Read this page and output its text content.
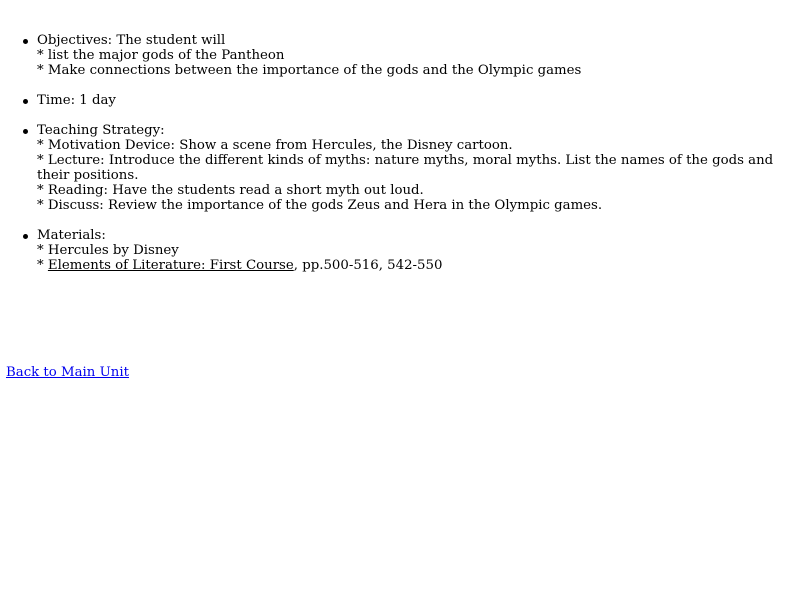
Objectives: The student will
* list the major gods of the Pantheon
* Make connections between the importance of the gods and the Olympic games
Time: 1 day
Teaching Strategy:
* Motivation Device: Show a scene from Hercules, the Disney cartoon.
* Lecture: Introduce the different kinds of myths: nature myths, moral myths. List the names of the gods and their positions.
* Reading: Have the students read a short myth out loud.
* Discuss: Review the importance of the gods Zeus and Hera in the Olympic games.
Materials:
* Hercules by Disney
* Elements of Literature: First Course, pp.500-516, 542-550
Back to Main Unit
